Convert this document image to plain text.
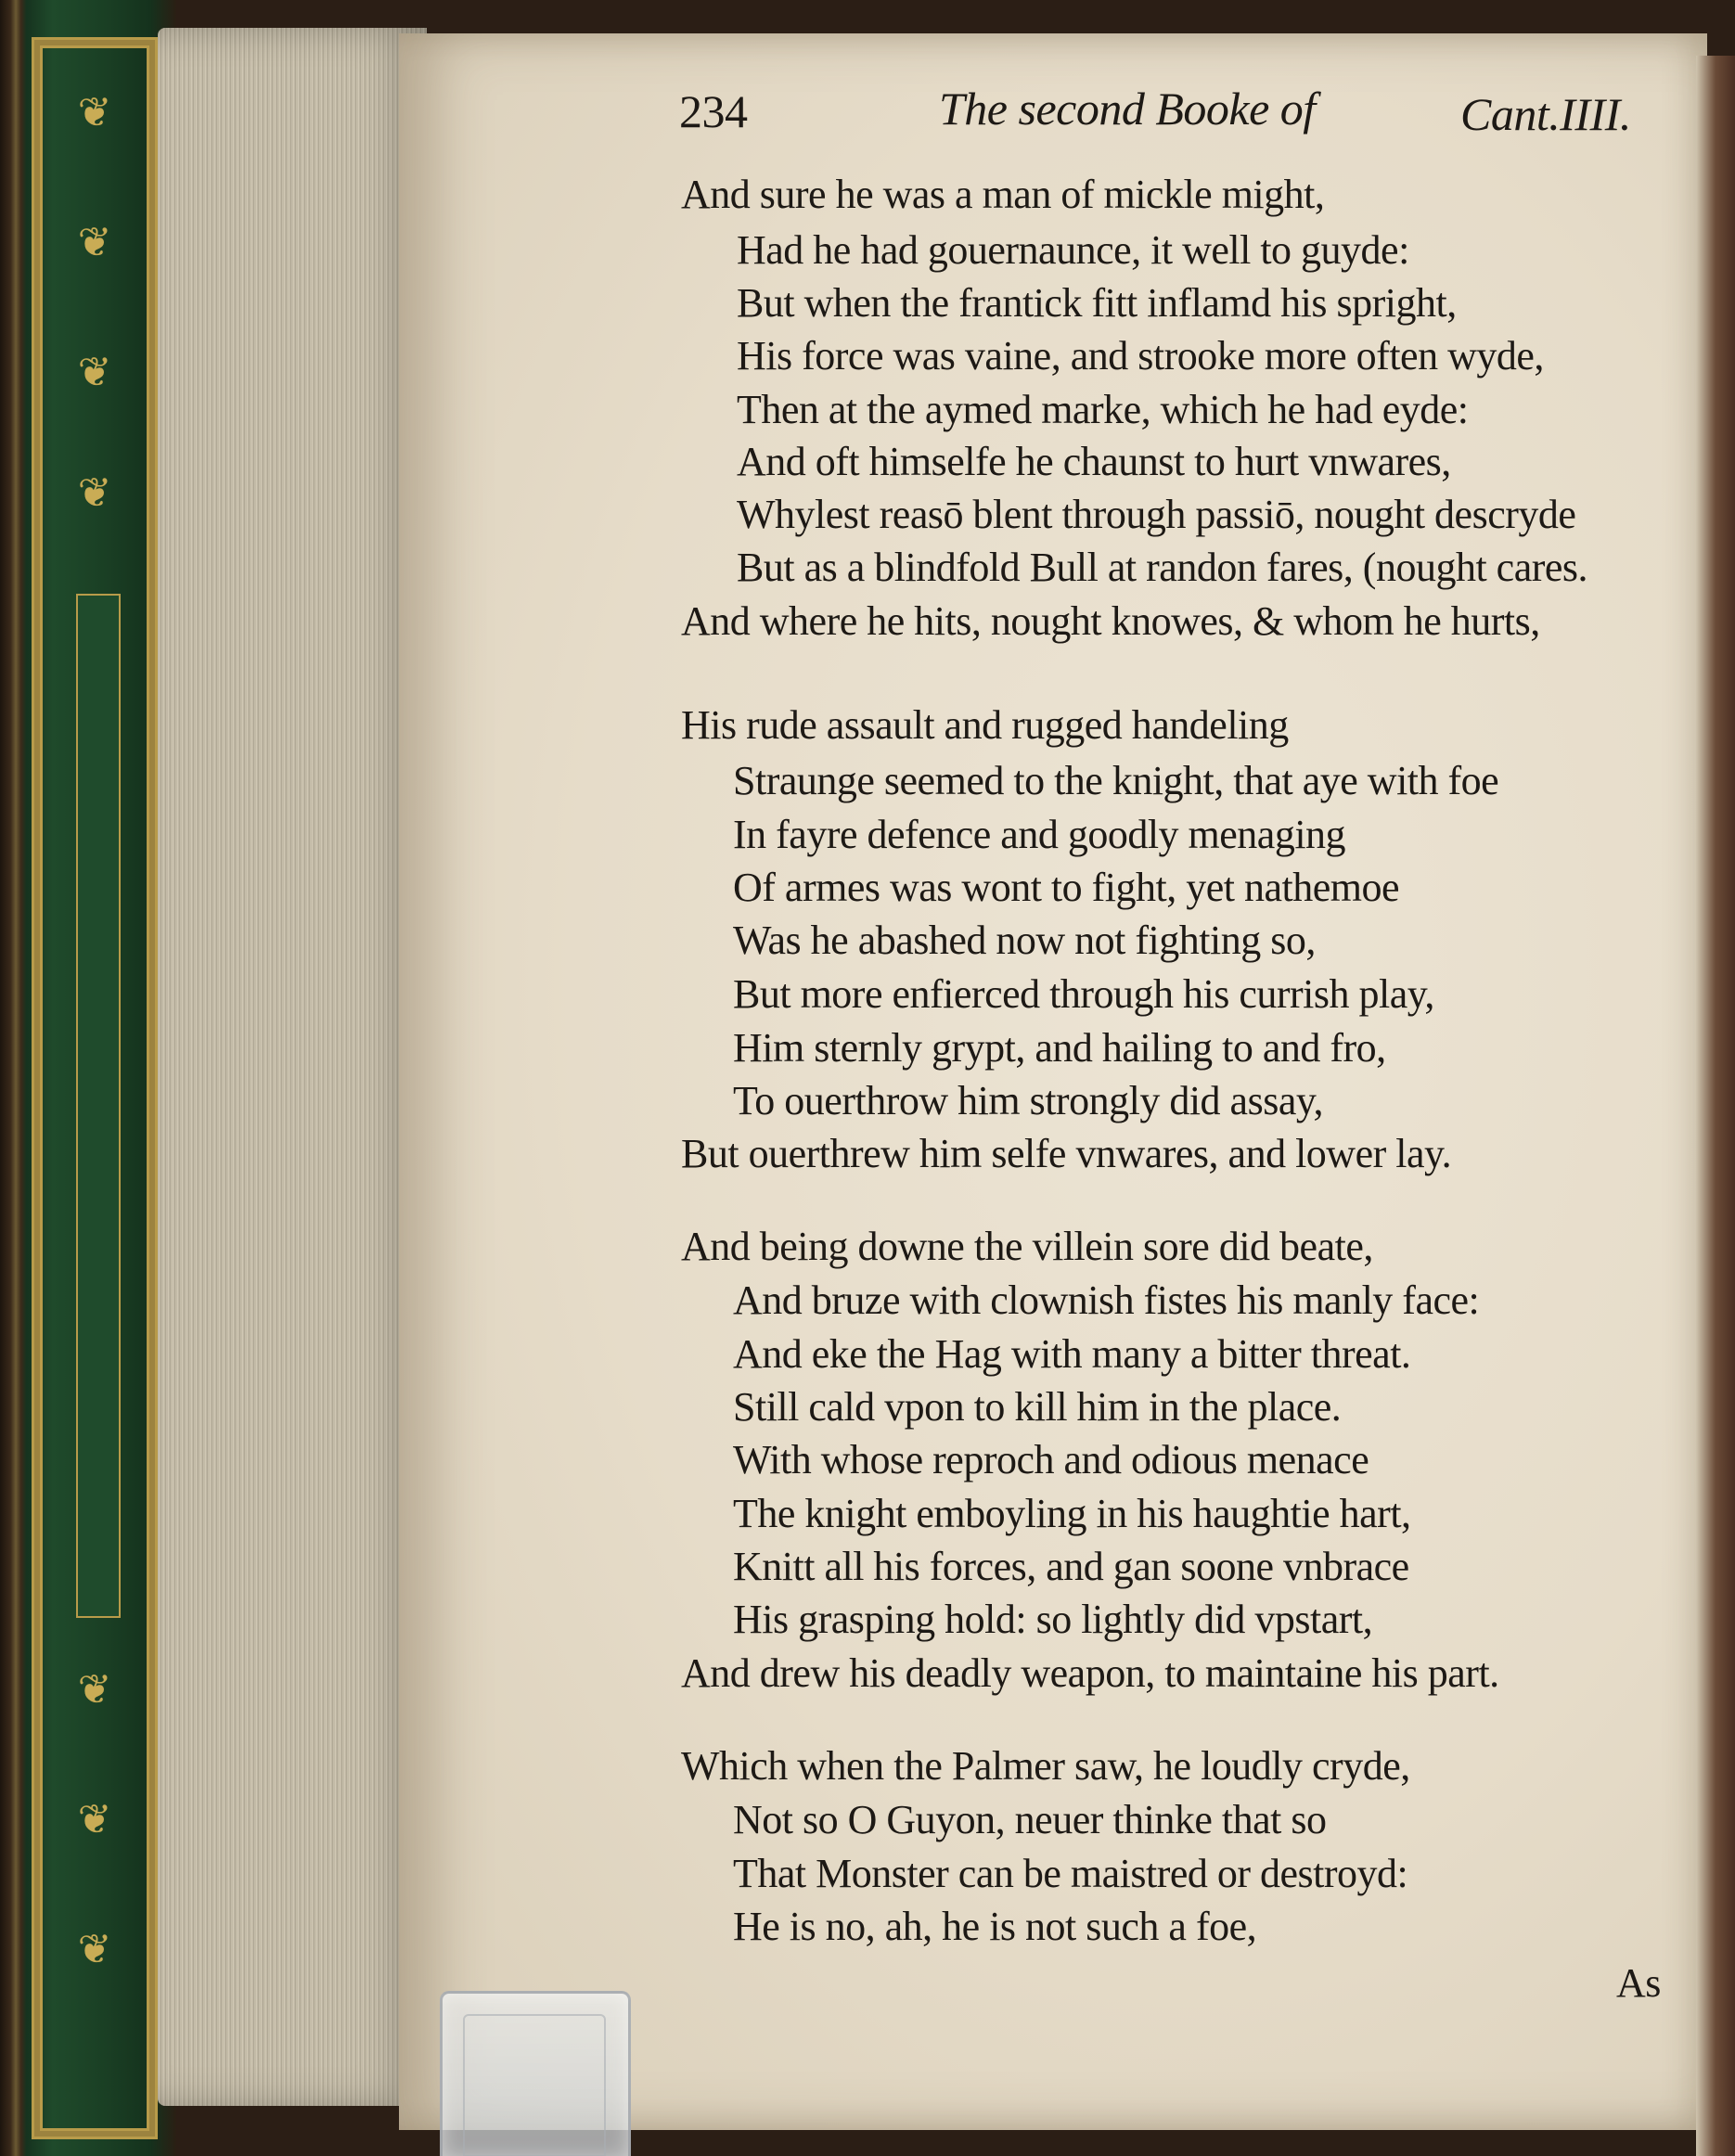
❦
❦
❦
❦
❦
❦
❦
234	The second Booke of	Cant.IIII.
And sure he was a man of mickle might,
Had he had gouernaunce, it well to guyde:
But when the frantick fitt inflamd his spright,
His force was vaine, and strooke more often wyde,
Then at the aymed marke, which he had eyde:
And oft himselfe he chaunst to hurt vnwares,
Whylest reasō blent through passiō, nought descryde
But as a blindfold Bull at randon fares, (nought cares.
And where he hits, nought knowes, & whom he hurts,
His rude assault and rugged handeling
Straunge seemed to the knight, that aye with foe
In fayre defence and goodly menaging
Of armes was wont to fight, yet nathemoe
Was he abashed now not fighting so,
But more enfierced through his currish play,
Him sternly grypt, and hailing to and fro,
To ouerthrow him strongly did assay,
But ouerthrew him selfe vnwares, and lower lay.
And being downe the villein sore did beate,
And bruze with clownish fistes his manly face:
And eke the Hag with many a bitter threat.
Still cald vpon to kill him in the place.
With whose reproch and odious menace
The knight emboyling in his haughtie hart,
Knitt all his forces, and gan soone vnbrace
His grasping hold: so lightly did vpstart,
And drew his deadly weapon, to maintaine his part.
Which when the Palmer saw, he loudly cryde,
Not so O Guyon, neuer thinke that so
That Monster can be maistred or destroyd:
He is no, ah, he is not such a foe,
As
